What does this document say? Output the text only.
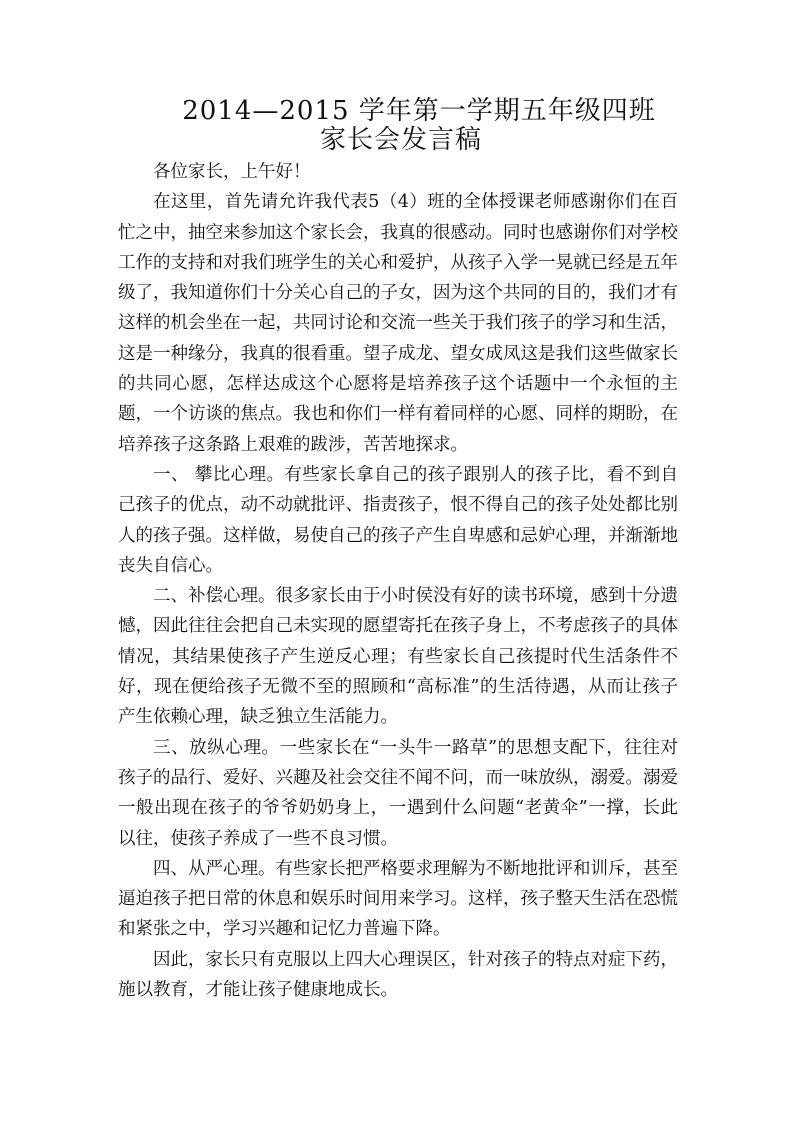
2014—2015 学年第一学期五年级四班
家长会发言稿

各位家长，上午好！

在这里，首先请允许我代表5（4）班的全体授课老师感谢你们在百忙之中，抽空来参加这个家长会，我真的很感动。同时也感谢你们对学校工作的支持和对我们班学生的关心和爱护，从孩子入学一晃就已经是五年级了，我知道你们十分关心自己的子女，因为这个共同的目的，我们才有这样的机会坐在一起，共同讨论和交流一些关于我们孩子的学习和生活，这是一种缘分，我真的很看重。望子成龙、望女成凤这是我们这些做家长的共同心愿，怎样达成这个心愿将是培养孩子这个话题中一个永恒的主题，一个访谈的焦点。我也和你们一样有着同样的心愿、同样的期盼，在培养孩子这条路上艰难的跋涉，苦苦地探求。

一、 攀比心理。有些家长拿自己的孩子跟别人的孩子比，看不到自己孩子的优点，动不动就批评、指责孩子，恨不得自己的孩子处处都比别人的孩子强。这样做，易使自己的孩子产生自卑感和忌妒心理，并渐渐地丧失自信心。

二、补偿心理。很多家长由于小时侯没有好的读书环境，感到十分遗憾，因此往往会把自己未实现的愿望寄托在孩子身上，不考虑孩子的具体情况，其结果使孩子产生逆反心理；有些家长自己孩提时代生活条件不好，现在便给孩子无微不至的照顾和“高标准”的生活待遇，从而让孩子产生依赖心理，缺乏独立生活能力。

三、放纵心理。一些家长在“一头牛一路草”的思想支配下，往往对孩子的品行、爱好、兴趣及社会交往不闻不问，而一味放纵，溺爱。溺爱一般出现在孩子的爷爷奶奶身上，一遇到什么问题“老黄伞”一撑，长此以往，使孩子养成了一些不良习惯。

四、从严心理。有些家长把严格要求理解为不断地批评和训斥，甚至逼迫孩子把日常的休息和娱乐时间用来学习。这样，孩子整天生活在恐慌和紧张之中，学习兴趣和记忆力普遍下降。

因此，家长只有克服以上四大心理误区，针对孩子的特点对症下药，施以教育，才能让孩子健康地成长。
